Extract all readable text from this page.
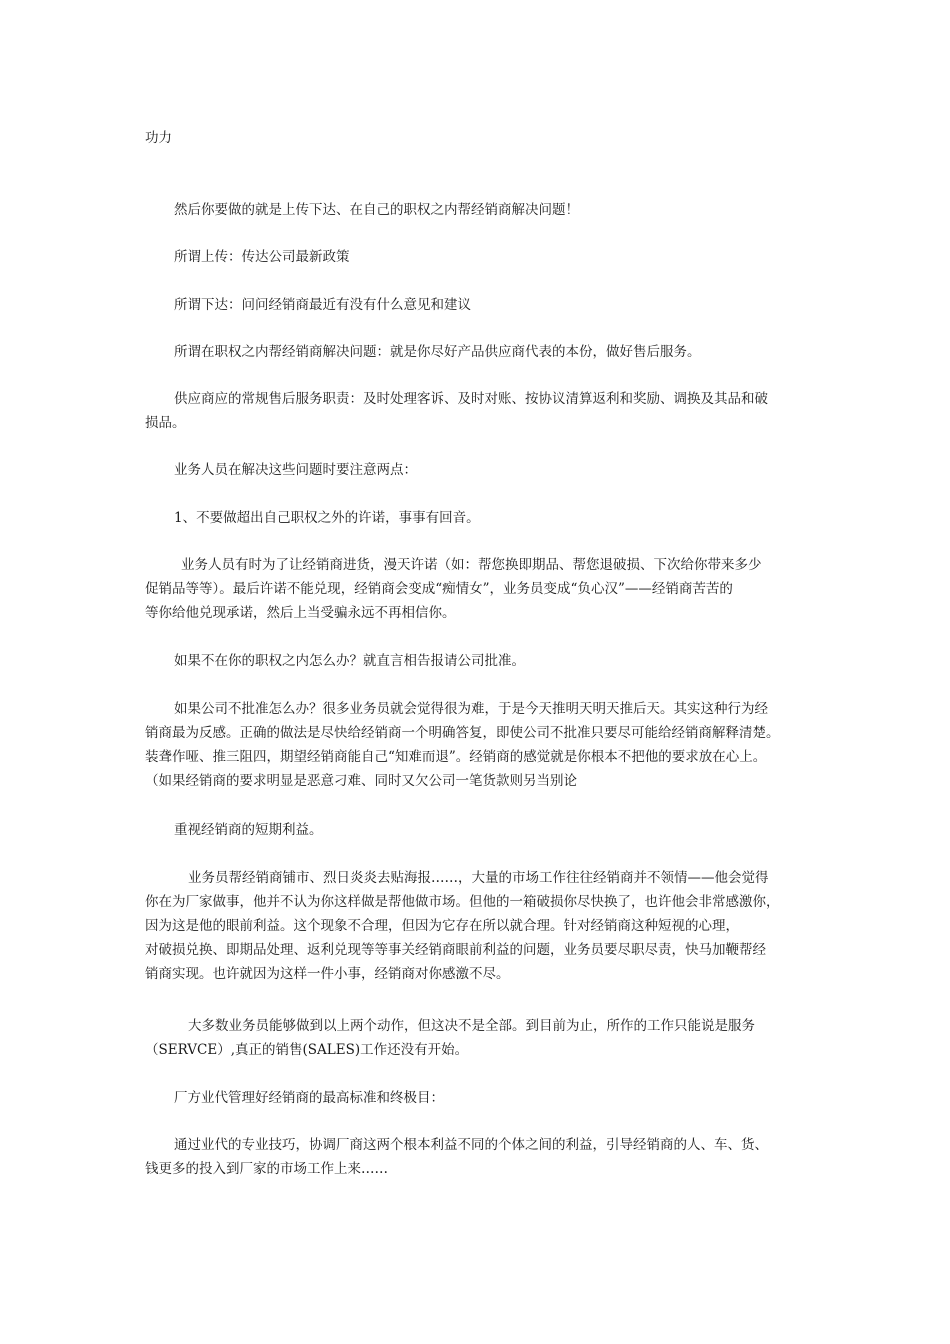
功力

然后你要做的就是上传下达、在自己的职权之内帮经销商解决问题！

所谓上传：传达公司最新政策

所谓下达：问问经销商最近有没有什么意见和建议

所谓在职权之内帮经销商解决问题：就是你尽好产品供应商代表的本份，做好售后服务。

供应商应的常规售后服务职责：及时处理客诉、及时对账、按协议清算返利和奖励、调换及其品和破
损品。

业务人员在解决这些问题时要注意两点：

1、不要做超出自己职权之外的许诺，事事有回音。

业务人员有时为了让经销商进货，漫天许诺（如：帮您换即期品、帮您退破损、下次给你带来多少
促销品等等）。最后许诺不能兑现，经销商会变成“痴情女”，业务员变成“负心汉”——经销商苦苦的
等你给他兑现承诺，然后上当受骗永远不再相信你。

如果不在你的职权之内怎么办？就直言相告报请公司批准。

如果公司不批准怎么办？很多业务员就会觉得很为难，于是今天推明天明天推后天。其实这种行为经
销商最为反感。正确的做法是尽快给经销商一个明确答复，即使公司不批准只要尽可能给经销商解释清楚。
装聋作哑、推三阻四，期望经销商能自己“知难而退”。经销商的感觉就是你根本不把他的要求放在心上。
（如果经销商的要求明显是恶意刁难、同时又欠公司一笔货款则另当别论

重视经销商的短期利益。

业务员帮经销商铺市、烈日炎炎去贴海报……，大量的市场工作往往经销商并不领情——他会觉得
你在为厂家做事，他并不认为你这样做是帮他做市场。但他的一箱破损你尽快换了，也许他会非常感激你，
因为这是他的眼前利益。这个现象不合理，但因为它存在所以就合理。针对经销商这种短视的心理，
对破损兑换、即期品处理、返利兑现等等事关经销商眼前利益的问题，业务员要尽职尽责，快马加鞭帮经
销商实现。也许就因为这样一件小事，经销商对你感激不尽。

大多数业务员能够做到以上两个动作，但这决不是全部。到目前为止，所作的工作只能说是服务
（SERVCE）,真正的销售(SALES)工作还没有开始。

厂方业代管理好经销商的最高标准和终极目：

通过业代的专业技巧，协调厂商这两个根本利益不同的个体之间的利益，引导经销商的人、车、货、
钱更多的投入到厂家的市场工作上来……
